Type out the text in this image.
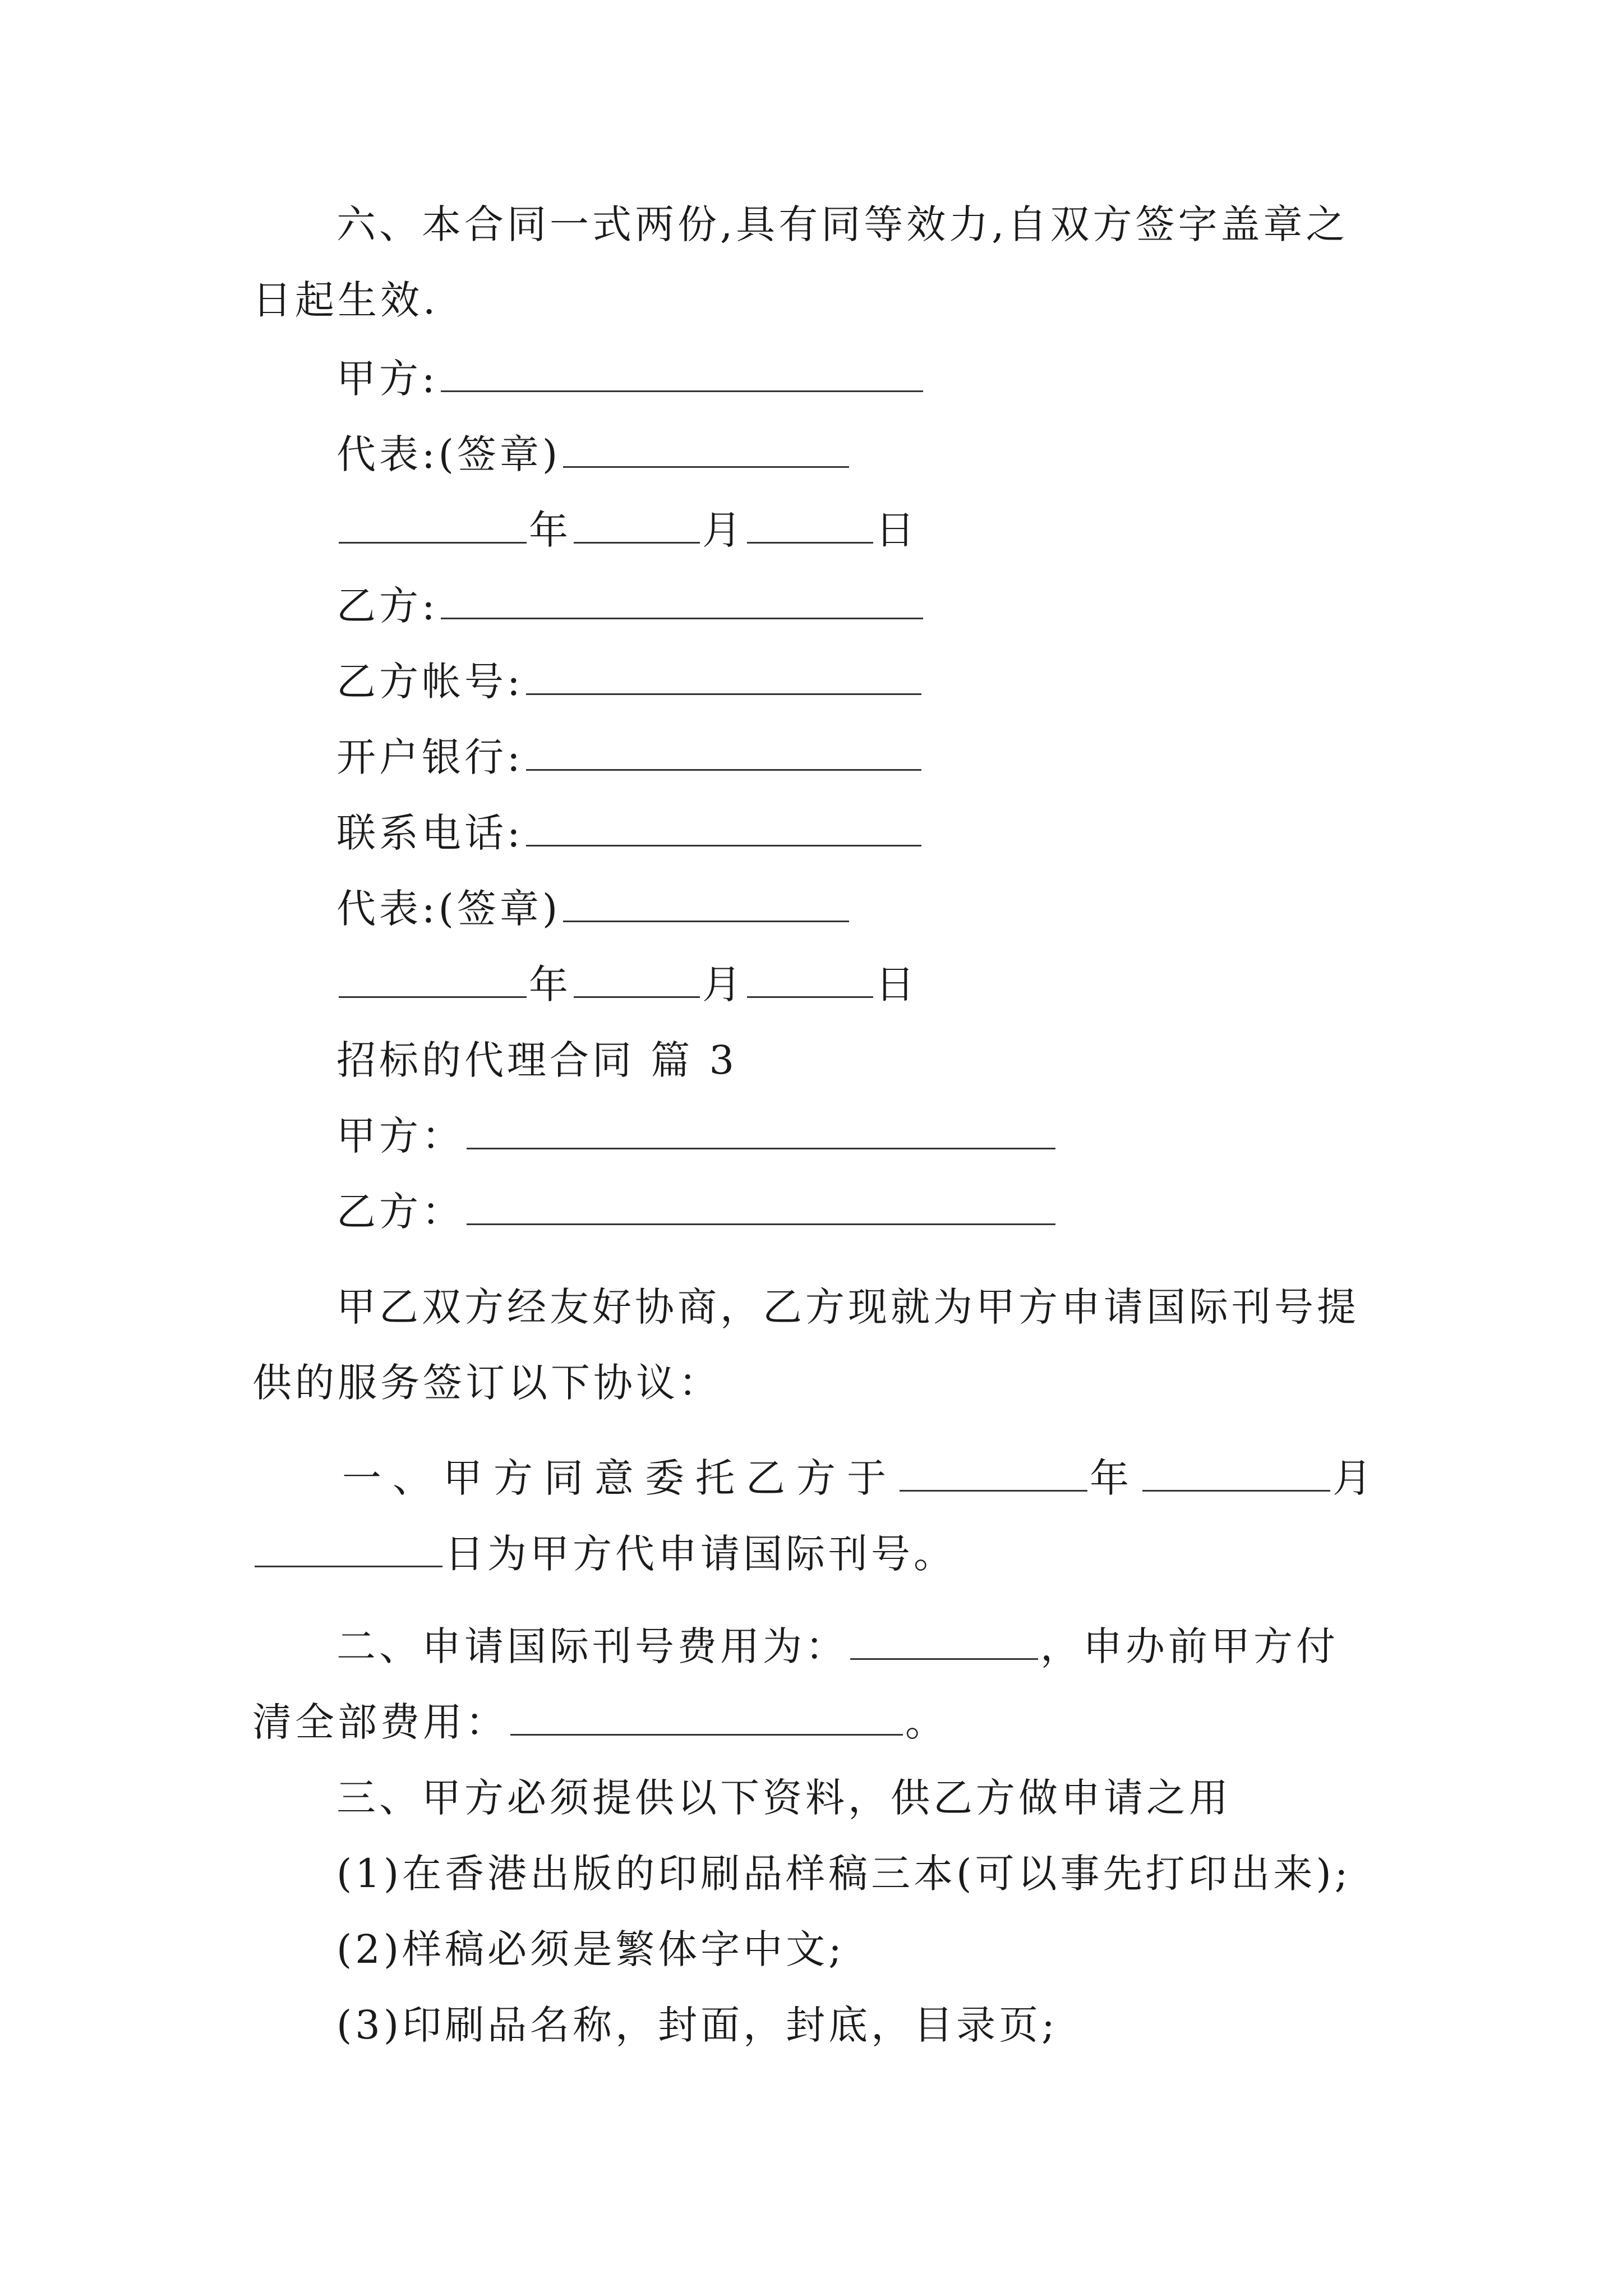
六、本合同一式两份,具有同等效力,自双方签字盖章之
日起生效.
甲方:
代表:(签章)
年	月	日
乙方:
乙方帐号:
开户银行:
联系电话:
代表:(签章)
年	月	日
招标的代理合同 篇 3
甲方：
乙方：
甲乙双方经友好协商，乙方现就为甲方申请国际刊号提
供的服务签订以下协议：
一、甲方同意委托乙方于	年	月
日为甲方代申请国际刊号。
二、申请国际刊号费用为：	，申办前甲方付
清全部费用：	。
三、甲方必须提供以下资料，供乙方做申请之用
(1)在香港出版的印刷品样稿三本(可以事先打印出来);
(2)样稿必须是繁体字中文;
(3)印刷品名称，封面，封底，目录页;
